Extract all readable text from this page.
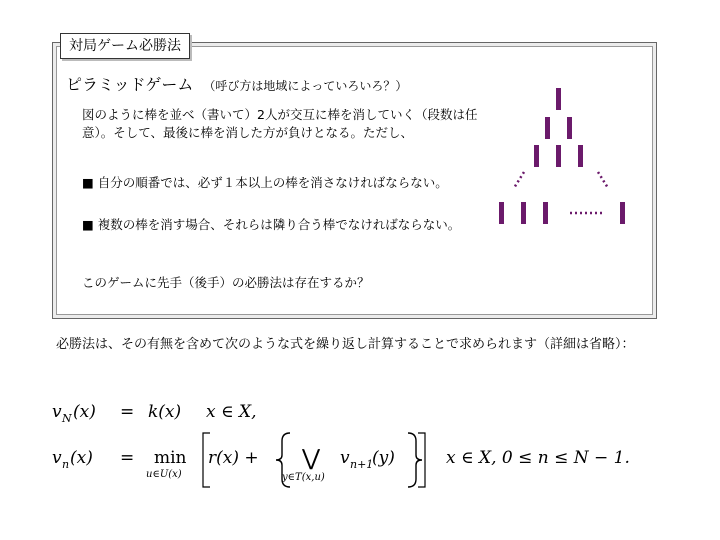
対局ゲーム必勝法
ピラミッドゲーム （呼び方は地域によっていろいろ？）
図のように棒を並べ（書いて）2人が交互に棒を消していく（段数は任意）。そして、最後に棒を消した方が負けとなる。ただし、
■ 自分の順番では、必ず１本以上の棒を消さなければならない。
■ 複数の棒を消す場合、それらは隣り合う棒でなければならない。
このゲームに先手（後手）の必勝法は存在するか？
必勝法は、その有無を含めて次のような式を繰り返し計算することで求められます（詳細は省略）：
v N (x) = k(x) x ∈ X,
v n (x) = min
u∈U(x)
r(x) + ⋁
y∈T(x,u)
v n+1
(y)	x ∈ X, 0 ≤ n ≤ N − 1.
